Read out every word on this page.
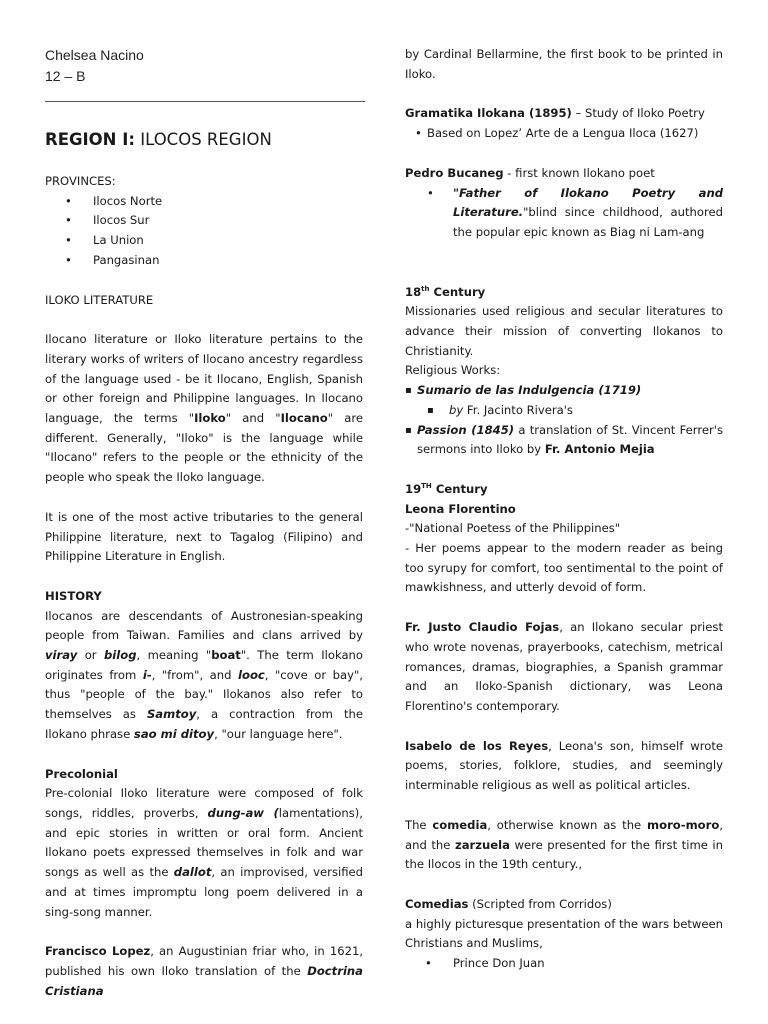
Chelsea Nacino
12 – B
REGION I: ILOCOS REGION
PROVINCES:
• Ilocos Norte
• Ilocos Sur
• La Union
• Pangasinan
ILOKO LITERATURE

Ilocano literature or Iloko literature pertains to the literary works of writers of Ilocano ancestry regardless of the language used - be it Ilocano, English, Spanish or other foreign and Philippine languages. In Ilocano language, the terms "Iloko" and "Ilocano" are different. Generally, "Iloko" is the language while "Ilocano" refers to the people or the ethnicity of the people who speak the Iloko language.

It is one of the most active tributaries to the general Philippine literature, next to Tagalog (Filipino) and Philippine Literature in English.

HISTORY

Ilocanos are descendants of Austronesian-speaking people from Taiwan. Families and clans arrived by viray or bilog, meaning "boat". The term Ilokano originates from i-, "from", and looc, "cove or bay", thus "people of the bay." Ilokanos also refer to themselves as Samtoy, a contraction from the Ilokano phrase sao mi ditoy, "our language here".

Precolonial

Pre-colonial Iloko literature were composed of folk songs, riddles, proverbs, dung-aw (lamentations), and epic stories in written or oral form. Ancient Ilokano poets expressed themselves in folk and war songs as well as the dallot, an improvised, versified and at times impromptu long poem delivered in a sing-song manner.

Francisco Lopez, an Augustinian friar who, in 1621, published his own Iloko translation of the Doctrina Cristiana

by Cardinal Bellarmine, the first book to be printed in Iloko.

Gramatika Ilokana (1895) – Study of Iloko Poetry
• Based on Lopez’ Arte de a Lengua Iloca (1627)
Pedro Bucaneg - first known Ilokano poet

• "Father of Ilokano Poetry and Literature."blind since childhood, authored the popular epic known as Biag ni Lam-ang

18th Century

Missionaries used religious and secular literatures to advance their mission of converting Ilokanos to Christianity.

Religious Works:
▪ Sumario de las Indulgencia (1719)
▪ by Fr. Jacinto Rivera's

▪ Passion (1845) a translation of St. Vincent Ferrer's sermons into Iloko by Fr. Antonio Mejia

19TH Century
Leona Florentino

-"National Poetess of the Philippines"

- Her poems appear to the modern reader as being too syrupy for comfort, too sentimental to the point of mawkishness, and utterly devoid of form.

Fr. Justo Claudio Fojas, an Ilokano secular priest who wrote novenas, prayerbooks, catechism, metrical romances, dramas, biographies, a Spanish grammar and an Iloko-Spanish dictionary, was Leona Florentino's contemporary.

Isabelo de los Reyes, Leona's son, himself wrote poems, stories, folklore, studies, and seemingly interminable religious as well as political articles.

The comedia, otherwise known as the moro-moro, and the zarzuela were presented for the first time in the Ilocos in the 19th century.,

Comedias (Scripted from Corridos)

a highly picturesque presentation of the wars between Christians and Muslims,

• Prince Don Juan
